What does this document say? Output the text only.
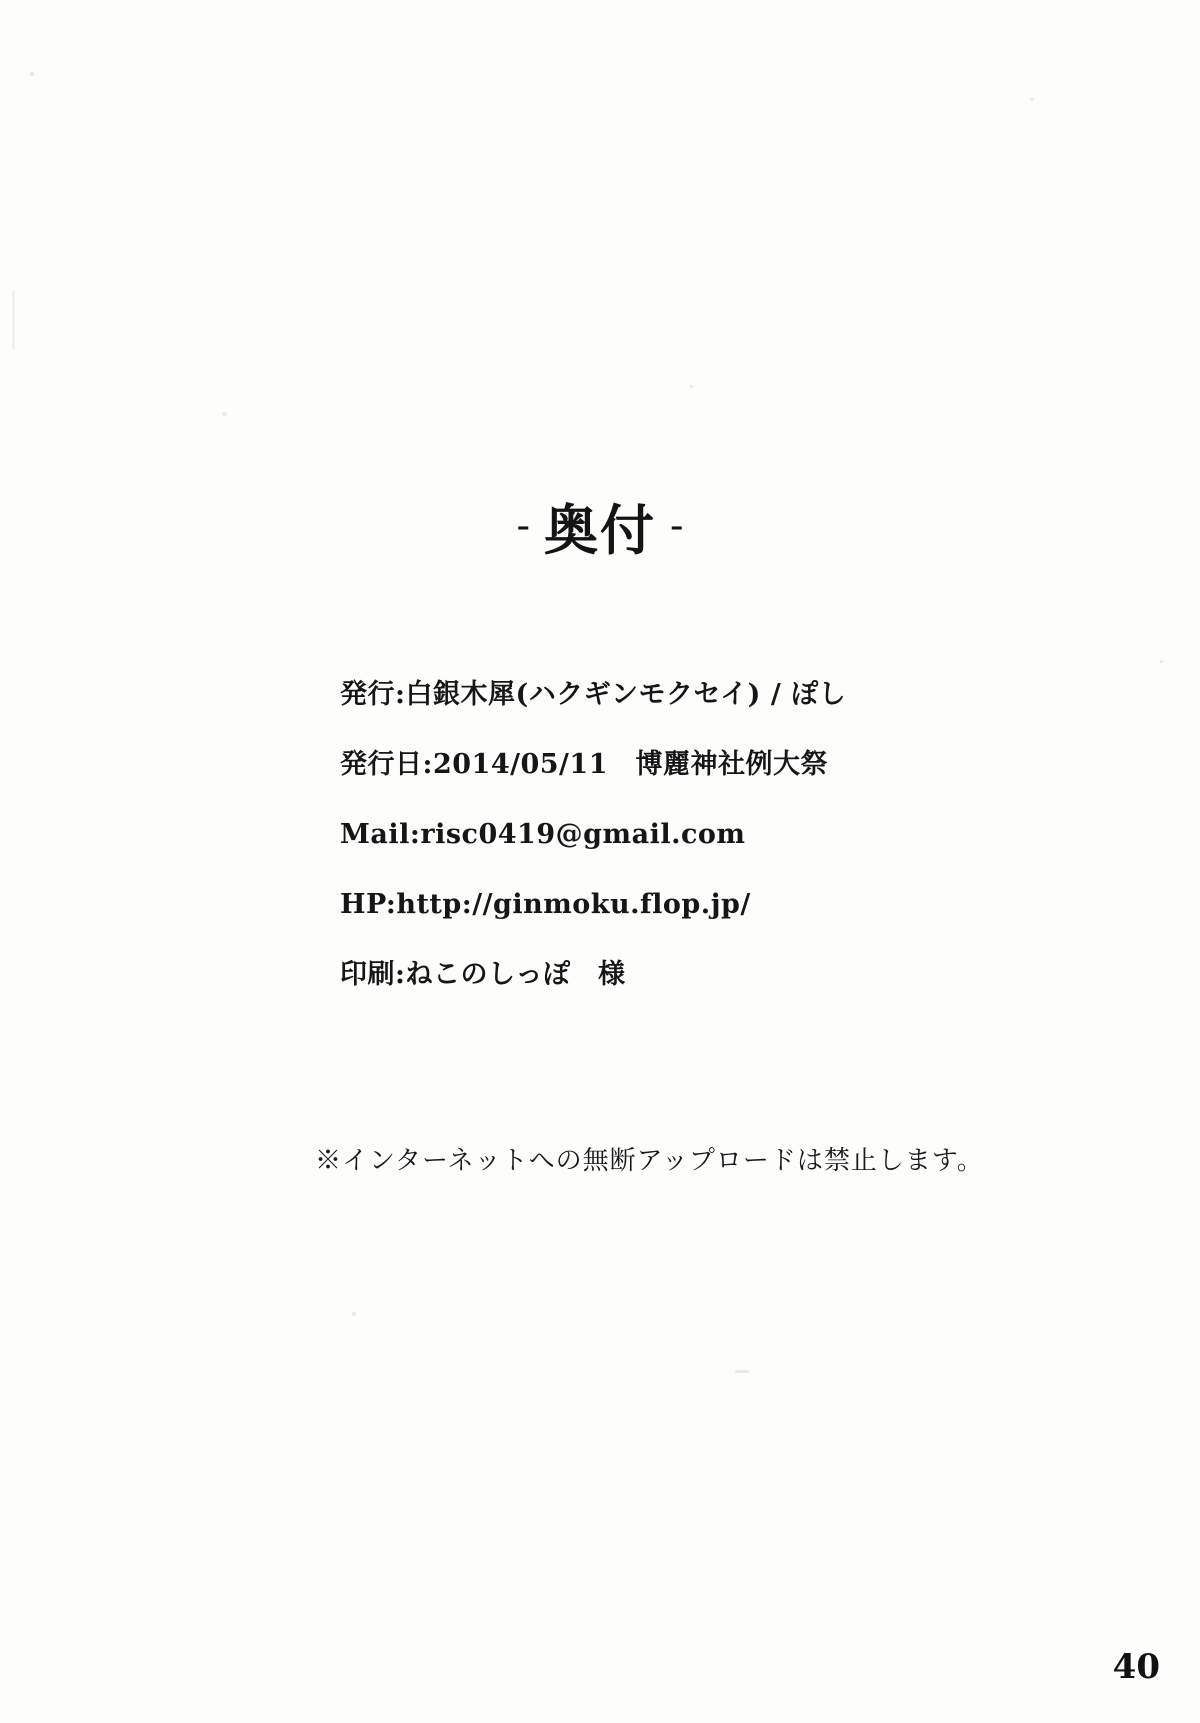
- 奥付 -
発行:白銀木犀(ハクギンモクセイ) / ぽし
発行日:2014/05/11　博麗神社例大祭
Mail:risc0419@gmail.com
HP:http://ginmoku.flop.jp/
印刷:ねこのしっぽ　様
※インターネットへの無断アップロードは禁止します。
40
